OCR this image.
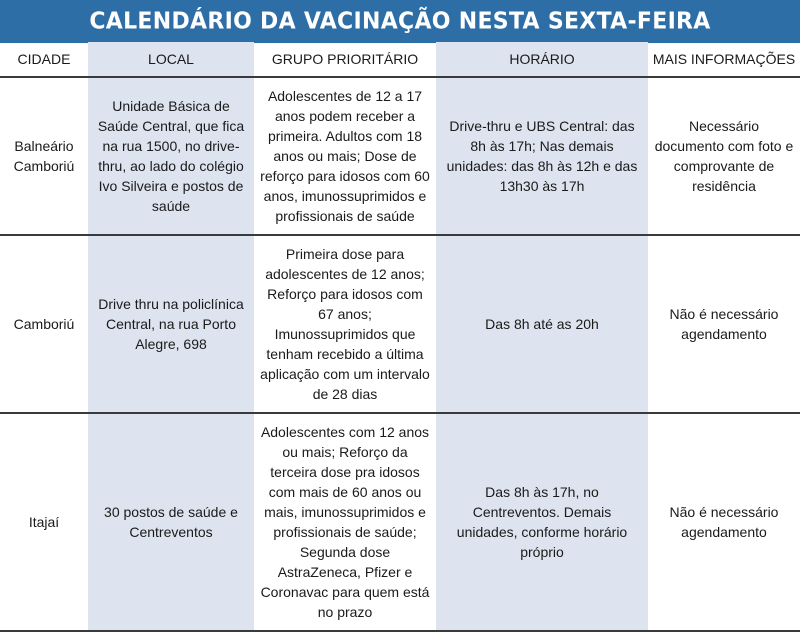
CALENDÁRIO DA VACINAÇÃO NESTA SEXTA-FEIRA
CIDADE	LOCAL	GRUPO PRIORITÁRIO	HORÁRIO	MAIS INFORMAÇÕES
Balneário Camboriú	Unidade Básica de Saúde Central, que fica na rua 1500, no drive-thru, ao lado do colégio Ivo Silveira e postos de saúde	Adolescentes de 12 a 17 anos podem receber a primeira. Adultos com 18 anos ou mais; Dose de reforço para idosos com 60 anos, imunossuprimidos e profissionais de saúde	Drive-thru e UBS Central: das 8h às 17h; Nas demais unidades: das 8h às 12h e das 13h30 às 17h	Necessário documento com foto e comprovante de residência
Camboriú	Drive thru na policlínica Central, na rua Porto Alegre, 698	Primeira dose para adolescentes de 12 anos; Reforço para idosos com 67 anos; Imunossuprimidos que tenham recebido a última aplicação com um intervalo de 28 dias	Das 8h até as 20h	Não é necessário agendamento
Itajaí	30 postos de saúde e Centreventos	Adolescentes com 12 anos ou mais; Reforço da terceira dose pra idosos com mais de 60 anos ou mais, imunossuprimidos e profissionais de saúde; Segunda dose AstraZeneca, Pfizer e Coronavac para quem está no prazo	Das 8h às 17h, no Centreventos. Demais unidades, conforme horário próprio	Não é necessário agendamento
